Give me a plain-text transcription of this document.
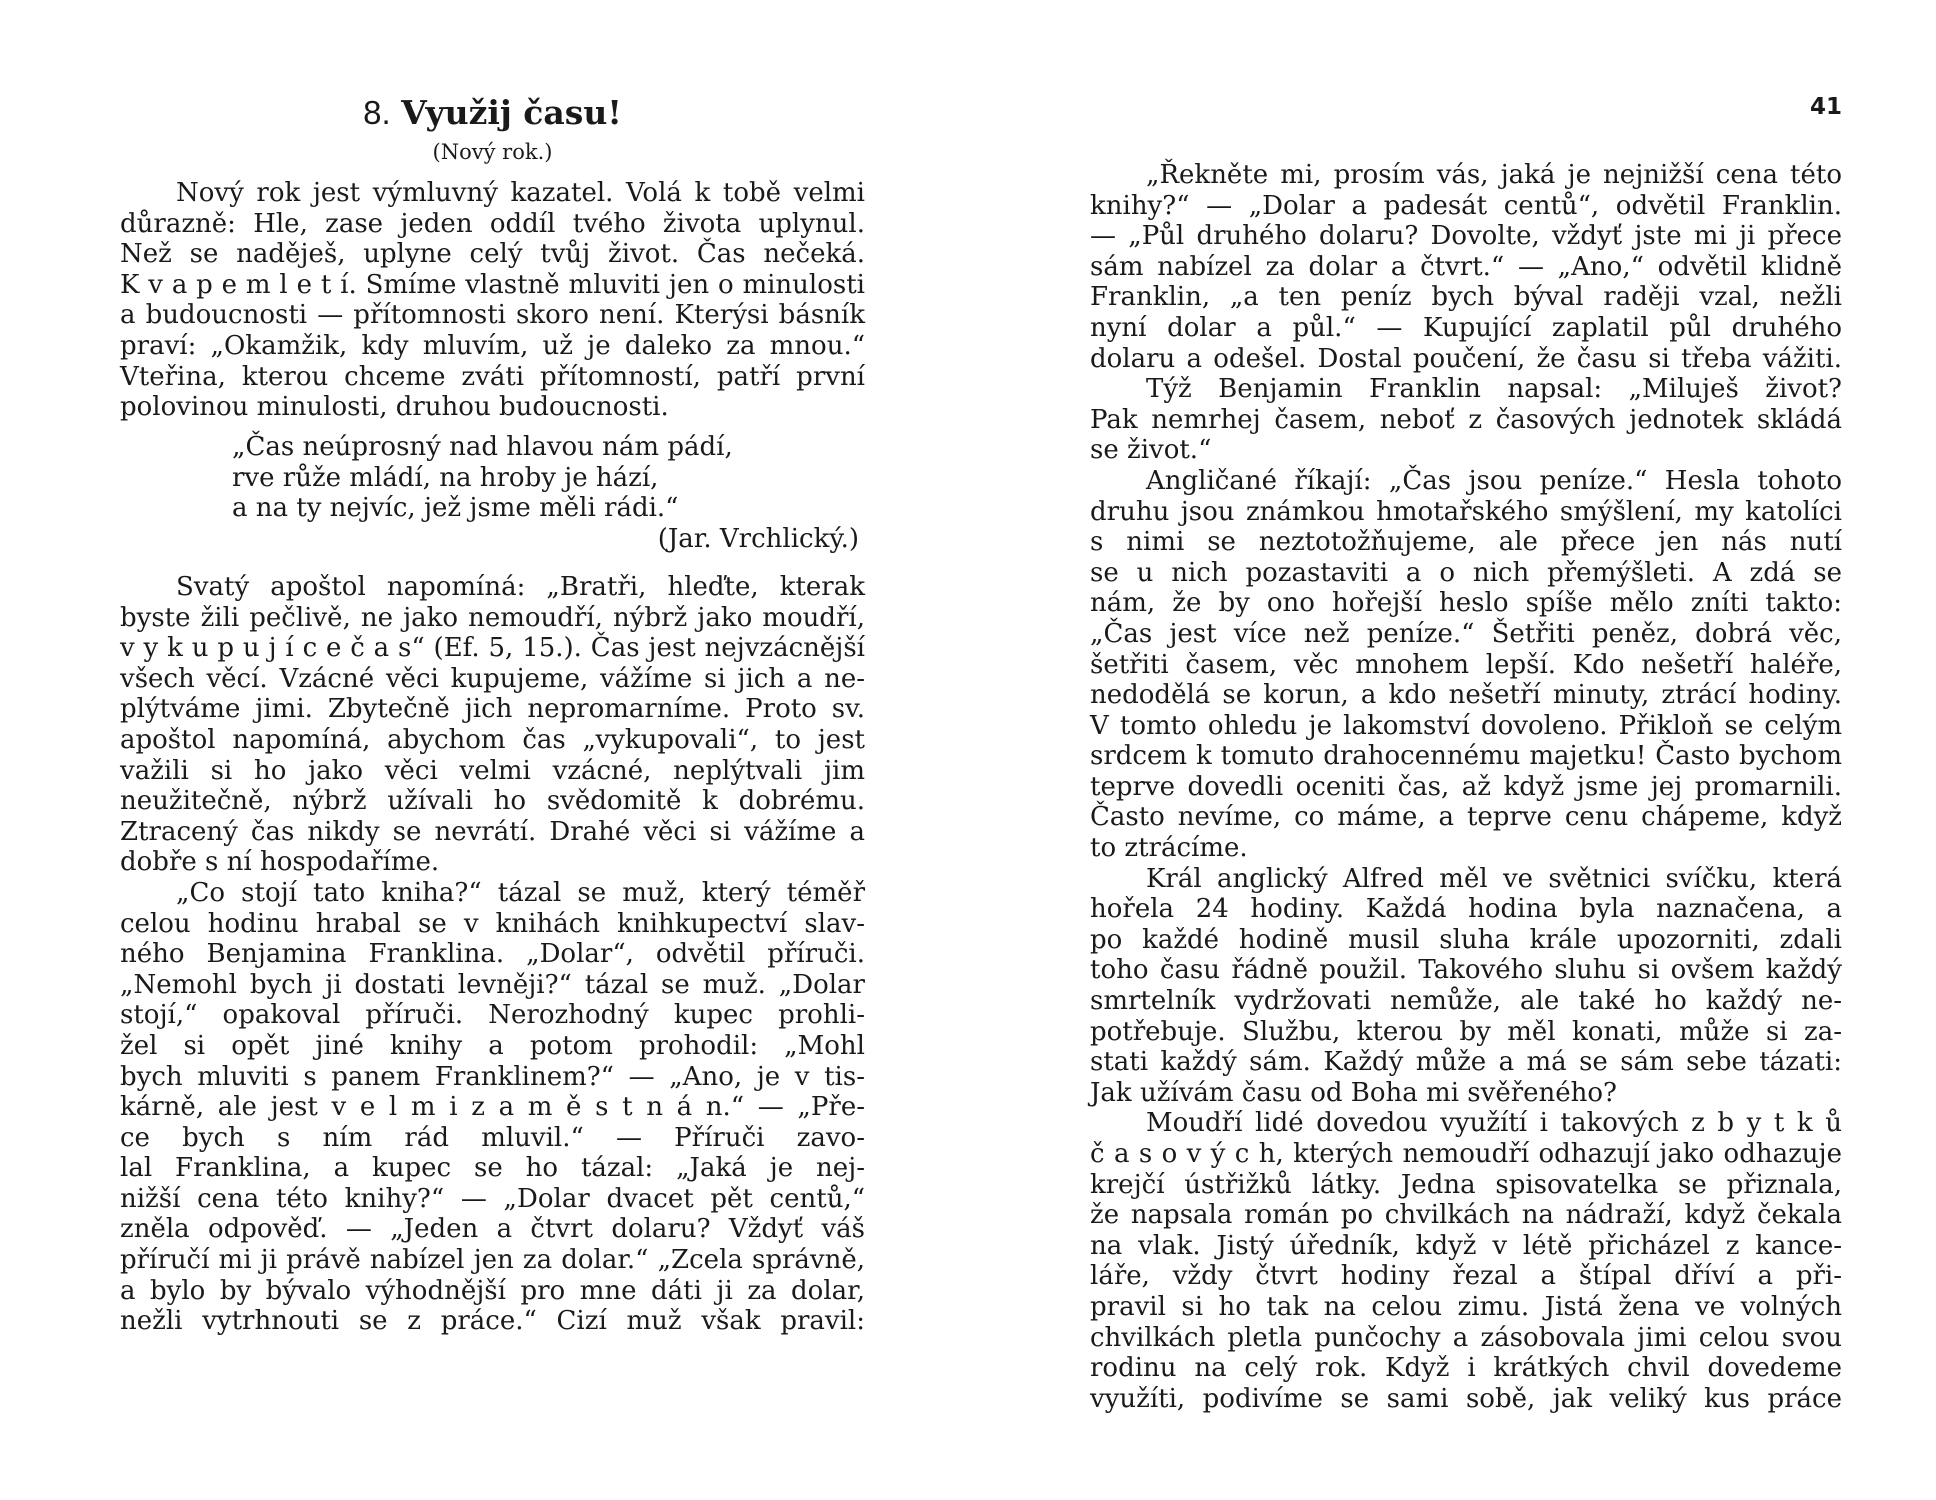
8. Využij času!
(Nový rok.)
Nový rok jest výmluvný kazatel. Volá k tobě velmi
důrazně: Hle, zase jeden oddíl tvého života uplynul.
Než se naděješ, uplyne celý tvůj život. Čas nečeká.
K v a p e m l e t í. Smíme vlastně mluviti jen o minulosti
a budoucnosti — přítomnosti skoro není. Kterýsi básník
praví: „Okamžik, kdy mluvím, už je daleko za mnou.“
Vteřina, kterou chceme zváti přítomností, patří první
polovinou minulosti, druhou budoucnosti.
„Čas neúprosný nad hlavou nám pádí,
rve růže mládí, na hroby je hází,
a na ty nejvíc, jež jsme měli rádi.“
(Jar. Vrchlický.)
Svatý apoštol napomíná: „Bratři, hleďte, kterak
byste žili pečlivě, ne jako nemoudří, nýbrž jako moudří,
v y k u p u j í c e č a s“ (Ef. 5, 15.). Čas jest nejvzácnější
všech věcí. Vzácné věci kupujeme, vážíme si jich a ne-
plýtváme jimi. Zbytečně jich nepromarníme. Proto sv.
apoštol napomíná, abychom čas „vykupovali“, to jest
važili si ho jako věci velmi vzácné, neplýtvali jim
neužitečně, nýbrž užívali ho svědomitě k dobrému.
Ztracený čas nikdy se nevrátí. Drahé věci si vážíme a
dobře s ní hospodaříme.
„Co stojí tato kniha?“ tázal se muž, který téměř
celou hodinu hrabal se v knihách knihkupectví slav-
ného Benjamina Franklina. „Dolar“, odvětil příruči.
„Nemohl bych ji dostati levněji?“ tázal se muž. „Dolar
stojí,“ opakoval příruči. Nerozhodný kupec prohli-
žel si opět jiné knihy a potom prohodil: „Mohl
bych mluviti s panem Franklinem?“ — „Ano, je v tis-
kárně, ale jest v e l m i z a m ě s t n á n.“ — „Pře-
ce bych s ním rád mluvil.“ — Příruči zavo-
lal Franklina, a kupec se ho tázal: „Jaká je nej-
nižší cena této knihy?“ — „Dolar dvacet pět centů,“
zněla odpověď. — „Jeden a čtvrt dolaru? Vždyť váš
příručí mi ji právě nabízel jen za dolar.“ „Zcela správně,
a bylo by bývalo výhodnější pro mne dáti ji za dolar,
nežli vytrhnouti se z práce.“ Cizí muž však pravil:
41
„Řekněte mi, prosím vás, jaká je nejnižší cena této
knihy?“ — „Dolar a padesát centů“, odvětil Franklin.
— „Půl druhého dolaru? Dovolte, vždyť jste mi ji přece
sám nabízel za dolar a čtvrt.“ — „Ano,“ odvětil klidně
Franklin, „a ten peníz bych býval raději vzal, nežli
nyní dolar a půl.“ — Kupující zaplatil půl druhého
dolaru a odešel. Dostal poučení, že času si třeba vážiti.
Týž Benjamin Franklin napsal: „Miluješ život?
Pak nemrhej časem, neboť z časových jednotek skládá
se život.“
Angličané říkají: „Čas jsou peníze.“ Hesla tohoto
druhu jsou známkou hmotařského smýšlení, my katolíci
s nimi se neztotožňujeme, ale přece jen nás nutí
se u nich pozastaviti a o nich přemýšleti. A zdá se
nám, že by ono hořejší heslo spíše mělo zníti takto:
„Čas jest více než peníze.“ Šetřiti peněz, dobrá věc,
šetřiti časem, věc mnohem lepší. Kdo nešetří haléře,
nedodělá se korun, a kdo nešetří minuty, ztrácí hodiny.
V tomto ohledu je lakomství dovoleno. Přikloň se celým
srdcem k tomuto drahocennému majetku! Často bychom
teprve dovedli oceniti čas, až když jsme jej promarnili.
Často nevíme, co máme, a teprve cenu chápeme, když
to ztrácíme.
Král anglický Alfred měl ve světnici svíčku, která
hořela 24 hodiny. Každá hodina byla naznačena, a
po každé hodině musil sluha krále upozorniti, zdali
toho času řádně použil. Takového sluhu si ovšem každý
smrtelník vydržovati nemůže, ale také ho každý ne-
potřebuje. Službu, kterou by měl konati, může si za-
stati každý sám. Každý může a má se sám sebe tázati:
Jak užívám času od Boha mi svěřeného?
Moudří lidé dovedou využítí i takových z b y t k ů
č a s o v ý c h, kterých nemoudří odhazují jako odhazuje
krejčí ústřižků látky. Jedna spisovatelka se přiznala,
že napsala román po chvilkách na nádraží, když čekala
na vlak. Jistý úředník, když v létě přicházel z kance-
láře, vždy čtvrt hodiny řezal a štípal dříví a při-
pravil si ho tak na celou zimu. Jistá žena ve volných
chvilkách pletla punčochy a zásobovala jimi celou svou
rodinu na celý rok. Když i krátkých chvil dovedeme
využíti, podivíme se sami sobě, jak veliký kus práce
